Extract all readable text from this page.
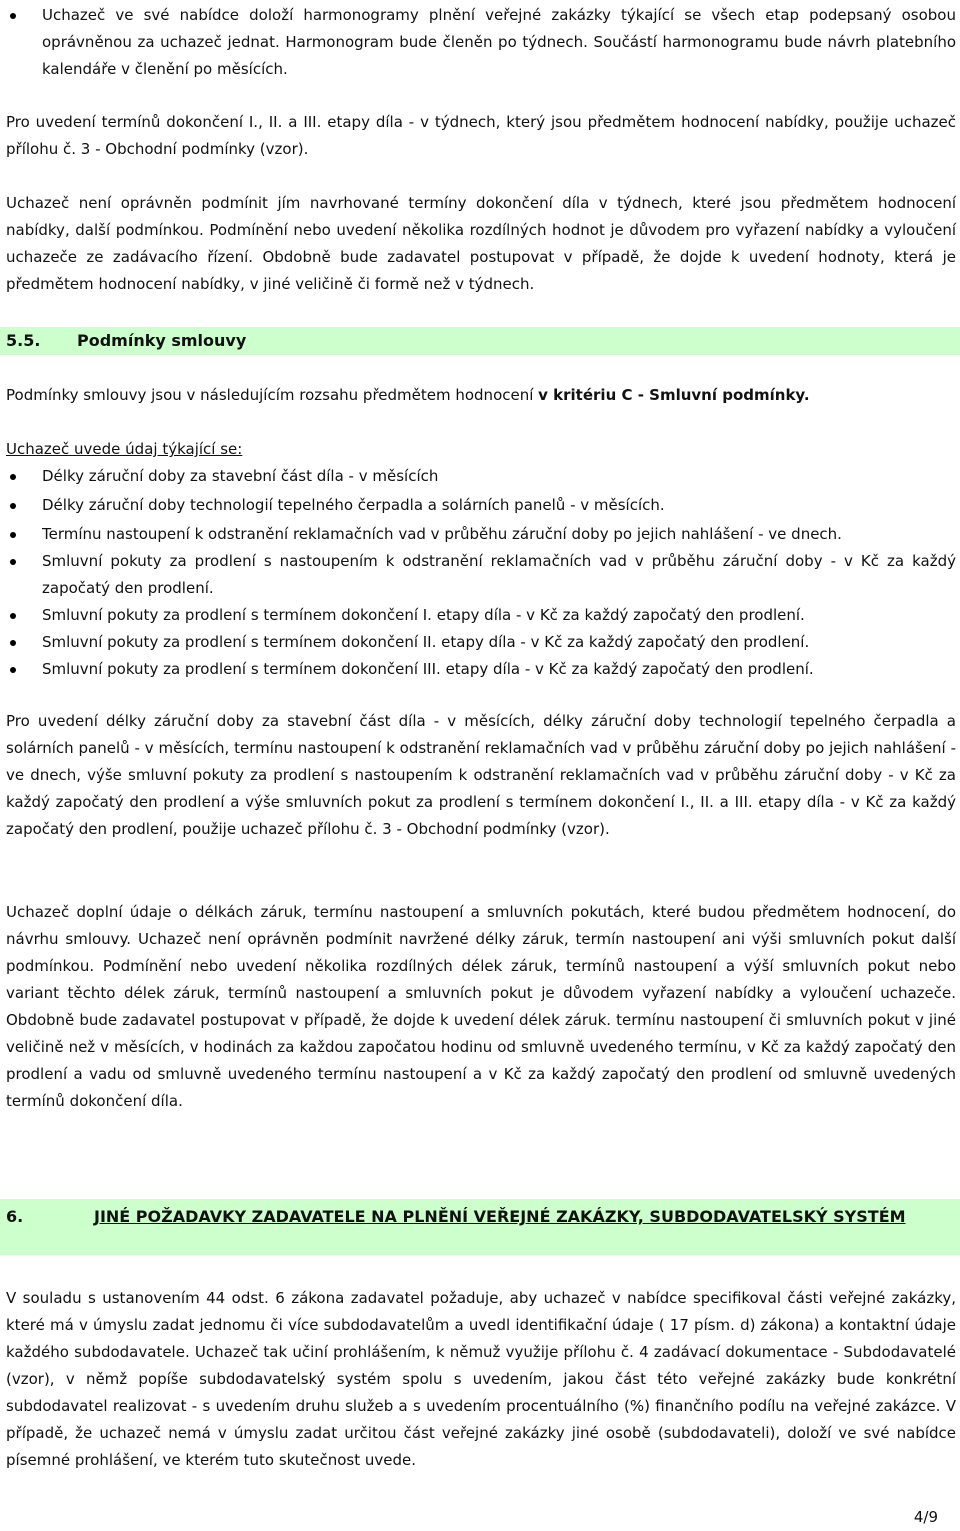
Uchazeč ve své nabídce doloží harmonogramy plnění veřejné zakázky týkající se všech etap podepsaný osobou oprávněnou za uchazeč jednat. Harmonogram bude členěn po týdnech. Součástí harmonogramu bude návrh platebního kalendáře v členění po měsících.

Pro uvedení termínů dokončení I., II. a III. etapy díla - v týdnech, který jsou předmětem hodnocení nabídky, použije uchazeč přílohu č. 3 - Obchodní podmínky (vzor).

Uchazeč není oprávněn podmínit jím navrhované termíny dokončení díla v týdnech, které jsou předmětem hodnocení nabídky, další podmínkou. Podmínění nebo uvedení několika rozdílných hodnot je důvodem pro vyřazení nabídky a vyloučení uchazeče ze zadávacího řízení. Obdobně bude zadavatel postupovat v případě, že dojde k uvedení hodnoty, která je předmětem hodnocení nabídky, v jiné veličině či formě než v týdnech.

5.5. Podmínky smlouvy

Podmínky smlouvy jsou v následujícím rozsahu předmětem hodnocení v kritériu C - Smluvní podmínky.

Uchazeč uvede údaj týkající se:

Délky záruční doby za stavební část díla - v měsících
Délky záruční doby technologií tepelného čerpadla a solárních panelů - v měsících.
Termínu nastoupení k odstranění reklamačních vad v průběhu záruční doby po jejich nahlášení - ve dnech.
Smluvní pokuty za prodlení s nastoupením k odstranění reklamačních vad v průběhu záruční doby - v Kč za každý započatý den prodlení.
Smluvní pokuty za prodlení s termínem dokončení I. etapy díla - v Kč za každý započatý den prodlení.
Smluvní pokuty za prodlení s termínem dokončení II. etapy díla - v Kč za každý započatý den prodlení.
Smluvní pokuty za prodlení s termínem dokončení III. etapy díla - v Kč za každý započatý den prodlení.

Pro uvedení délky záruční doby za stavební část díla - v měsících, délky záruční doby technologií tepelného čerpadla a solárních panelů - v měsících, termínu nastoupení k odstranění reklamačních vad v průběhu záruční doby po jejich nahlášení - ve dnech, výše smluvní pokuty za prodlení s nastoupením k odstranění reklamačních vad v průběhu záruční doby - v Kč za každý započatý den prodlení a výše smluvních pokut za prodlení s termínem dokončení I., II. a III. etapy díla - v Kč za každý započatý den prodlení, použije uchazeč přílohu č. 3 - Obchodní podmínky (vzor).

Uchazeč doplní údaje o délkách záruk, termínu nastoupení a smluvních pokutách, které budou předmětem hodnocení, do návrhu smlouvy. Uchazeč není oprávněn podmínit navržené délky záruk, termín nastoupení ani výši smluvních pokut další podmínkou. Podmínění nebo uvedení několika rozdílných délek záruk, termínů nastoupení a výší smluvních pokut nebo variant těchto délek záruk, termínů nastoupení a smluvních pokut je důvodem vyřazení nabídky a vyloučení uchazeče. Obdobně bude zadavatel postupovat v případě, že dojde k uvedení délek záruk. termínu nastoupení či smluvních pokut v jiné veličině než v měsících, v hodinách za každou započatou hodinu od smluvně uvedeného termínu, v Kč za každý započatý den prodlení a vadu od smluvně uvedeného termínu nastoupení a v Kč za každý započatý den prodlení od smluvně uvedených termínů dokončení díla.

6.	JINÉ POŽADAVKY ZADAVATELE NA PLNĚNÍ VEŘEJNÉ ZAKÁZKY, SUBDODAVATELSKÝ SYSTÉM

V souladu s ustanovením 44 odst. 6 zákona zadavatel požaduje, aby uchazeč v nabídce specifikoval části veřejné zakázky, které má v úmyslu zadat jednomu či více subdodavatelům a uvedl identifikační údaje ( 17 písm. d) zákona) a kontaktní údaje každého subdodavatele. Uchazeč tak učiní prohlášením, k němuž využije přílohu č. 4 zadávací dokumentace - Subdodavatelé (vzor), v němž popíše subdodavatelský systém spolu s uvedením, jakou část této veřejné zakázky bude konkrétní subdodavatel realizovat - s uvedením druhu služeb a s uvedením procentuálního (%) finančního podílu na veřejné zakázce. V případě, že uchazeč nemá v úmyslu zadat určitou část veřejné zakázky jiné osobě (subdodavateli), doloží ve své nabídce písemné prohlášení, ve kterém tuto skutečnost uvede.

4/9
